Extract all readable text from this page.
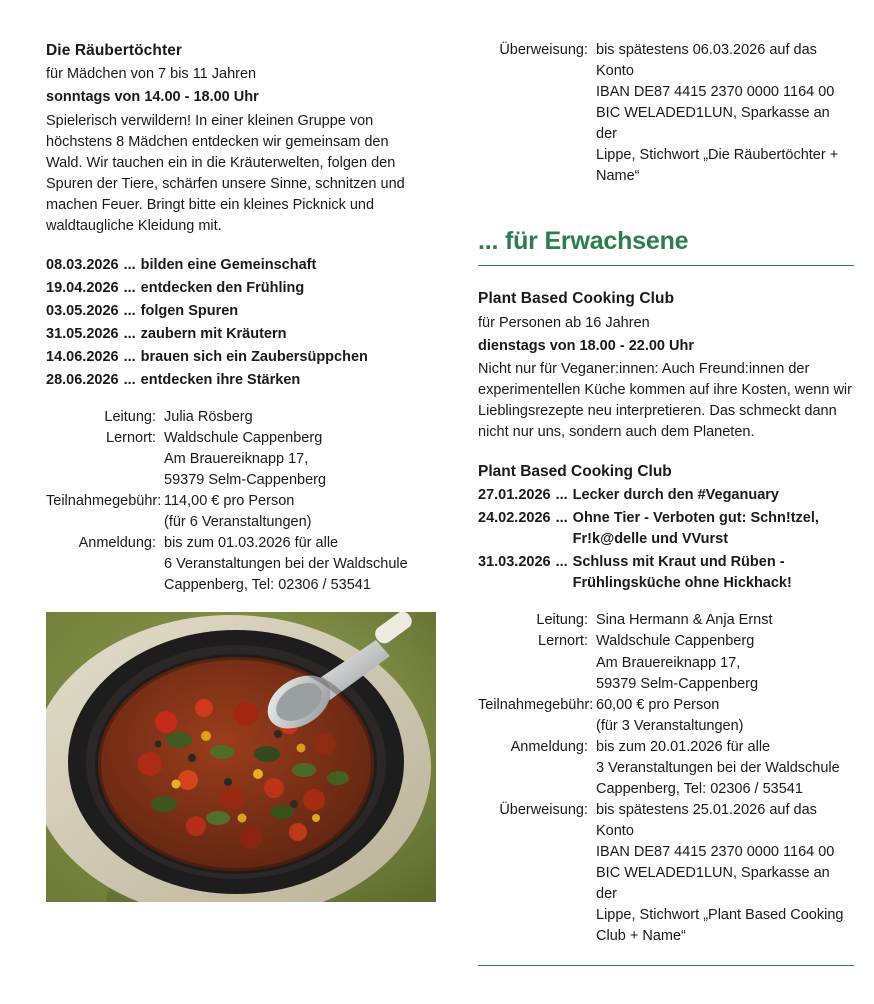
Die Räubertöchter

für Mädchen von 7 bis 11 Jahren

sonntags von 14.00 - 18.00 Uhr

Spielerisch verwildern! In einer kleinen Gruppe von höchstens 8 Mädchen entdecken wir gemeinsam den Wald. Wir tauchen ein in die Kräuterwelten, folgen den Spuren der Tiere, schärfen unsere Sinne, schnitzen und machen Feuer. Bringt bitte ein kleines Picknick und waldtaugliche Kleidung mit.

08.03.2026 ... bilden eine Gemeinschaft
19.04.2026 ... entdecken den Frühling
03.05.2026 ... folgen Spuren
31.05.2026 ... zaubern mit Kräutern
14.06.2026 ... brauen sich ein Zaubersüppchen
28.06.2026 ... entdecken ihre Stärken
Leitung: Julia Rösberg
Lernort: Waldschule Cappenberg
Am Brauereiknapp 17,
59379 Selm-Cappenberg
Teilnahmegebühr: 114,00 € pro Person
(für 6 Veranstaltungen)
Anmeldung: bis zum 01.03.2026 für alle
6 Veranstaltungen bei der Waldschule
Cappenberg, Tel: 02306 / 53541
Überweisung: bis spätestens 06.03.2026 auf das Konto
IBAN DE87 4415 2370 0000 1164 00
BIC WELADED1LUN, Sparkasse an der
Lippe, Stichwort „Die Räubertöchter +
Name“
... für Erwachsene
Plant Based Cooking Club

für Personen ab 16 Jahren

dienstags von 18.00 - 22.00 Uhr

Nicht nur für Veganer:innen: Auch Freund:innen der experimentellen Küche kommen auf ihre Kosten, wenn wir Lieblingsrezepte neu interpretieren. Das schmeckt dann nicht nur uns, sondern auch dem Planeten.

Plant Based Cooking Club
27.01.2026 ... Lecker durch den #Veganuary
24.02.2026 ... Ohne Tier - Verboten gut: Schn!tzel, Fr!k@delle und VVurst
31.03.2026 ... Schluss mit Kraut und Rüben - Frühlingsküche ohne Hickhack!
Leitung: Sina Hermann & Anja Ernst
Lernort: Waldschule Cappenberg
Am Brauereiknapp 17,
59379 Selm-Cappenberg
Teilnahmegebühr: 60,00 € pro Person
(für 3 Veranstaltungen)
Anmeldung: bis zum 20.01.2026 für alle
3 Veranstaltungen bei der Waldschule
Cappenberg, Tel: 02306 / 53541
Überweisung: bis spätestens 25.01.2026 auf das Konto
IBAN DE87 4415 2370 0000 1164 00
BIC WELADED1LUN, Sparkasse an der
Lippe, Stichwort „Plant Based Cooking
Club + Name“
